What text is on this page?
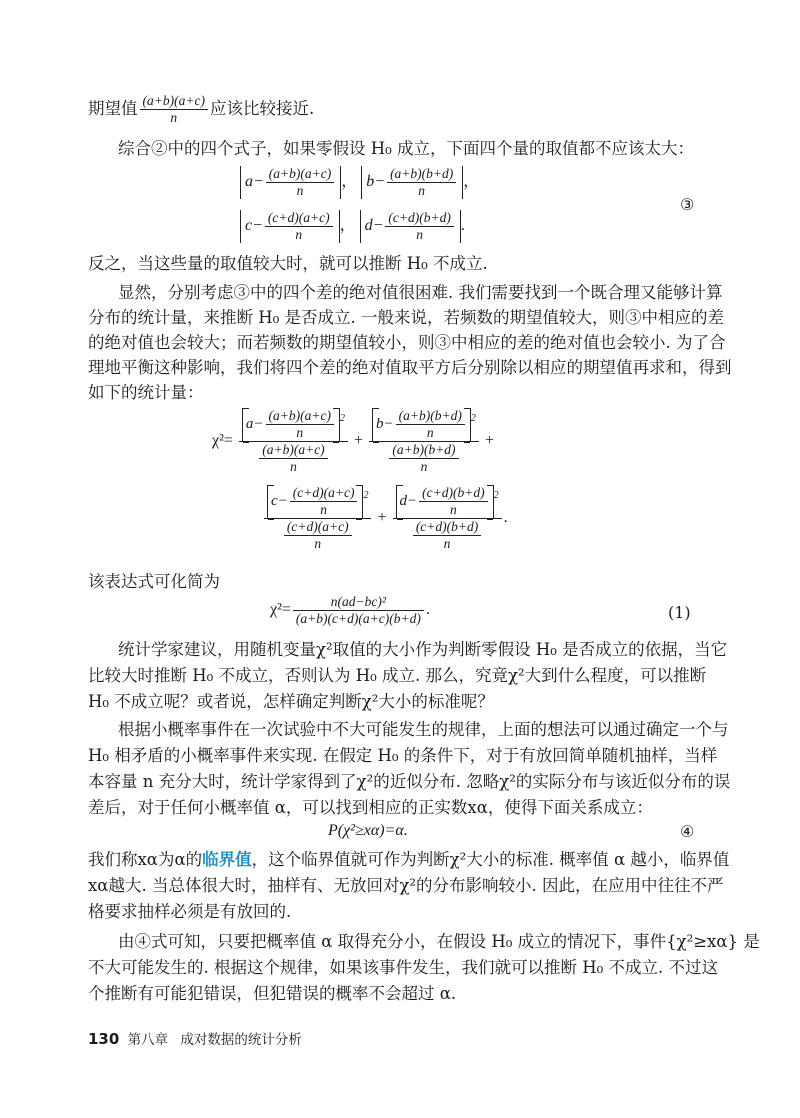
期望值 $\frac{(a+b)(a+c)}{n}$ 应该比较接近.
综合②中的四个式子，如果零假设 H₀ 成立，下面四个量的取值都不应该太大：
$a- \frac{(a+b)(a+c)}{n}$ ， $b- \frac{(a+b)(b+d)}{n}$ ，
$c- \frac{(c+d)(a+c)}{n}$ ， $d- \frac{(c+d)(b+d)}{n}$ .
③
反之，当这些量的取值较大时，就可以推断 H₀ 不成立.
显然，分别考虑③中的四个差的绝对值很困难. 我们需要找到一个既合理又能够计算
分布的统计量，来推断 H₀ 是否成立. 一般来说，若频数的期望值较大，则③中相应的差
的绝对值也会较大；而若频数的期望值较小，则③中相应的差的绝对值也会较小. 为了合
理地平衡这种影响，我们将四个差的绝对值取平方后分别除以相应的期望值再求和，得到
如下的统计量：
$\chi^2= \frac{a- \frac{(a+b)(a+c)}{n} ^2}{\frac{(a+b)(a+c)}{n}} + \frac{b- \frac{(a+b)(b+d)}{n} ^2}{\frac{(a+b)(b+d)}{n}}$ +
$\frac{c- \frac{(c+d)(a+c)}{n} ^2}{\frac{(c+d)(a+c)}{n}} + \frac{d- \frac{(c+d)(b+d)}{n} ^2}{\frac{(c+d)(b+d)}{n}}$ .
该表达式可化简为
$\chi^2= \frac{\text{n(ad−bc)²}}{(a+b)(c+d)(a+c)(b+d)}$ .	(1)
统计学家建议，用随机变量χ²取值的大小作为判断零假设 H₀ 是否成立的依据，当它
比较大时推断 H₀ 不成立，否则认为 H₀ 成立. 那么，究竟χ²大到什么程度，可以推断
H₀ 不成立呢？或者说，怎样确定判断χ²大小的标准呢？
根据小概率事件在一次试验中不大可能发生的规律，上面的想法可以通过确定一个与
H₀ 相矛盾的小概率事件来实现. 在假定 H₀ 的条件下，对于有放回简单随机抽样，当样
本容量 n 充分大时，统计学家得到了χ²的近似分布. 忽略χ²的实际分布与该近似分布的误
差后，对于任何小概率值 α，可以找到相应的正实数xα，使得下面关系成立：
P(χ²≥xα)=α.	④
我们称xα为α的临界值，这个临界值就可作为判断χ²大小的标准. 概率值 α 越小，临界值
xα越大. 当总体很大时，抽样有、无放回对χ²的分布影响较小. 因此，在应用中往往不严
格要求抽样必须是有放回的.
由④式可知，只要把概率值 α 取得充分小，在假设 H₀ 成立的情况下，事件{χ²≥xα} 是
不大可能发生的. 根据这个规律，如果该事件发生，我们就可以推断 H₀ 不成立. 不过这
个推断有可能犯错误，但犯错误的概率不会超过 α.
130 第八章 成对数据的统计分析
